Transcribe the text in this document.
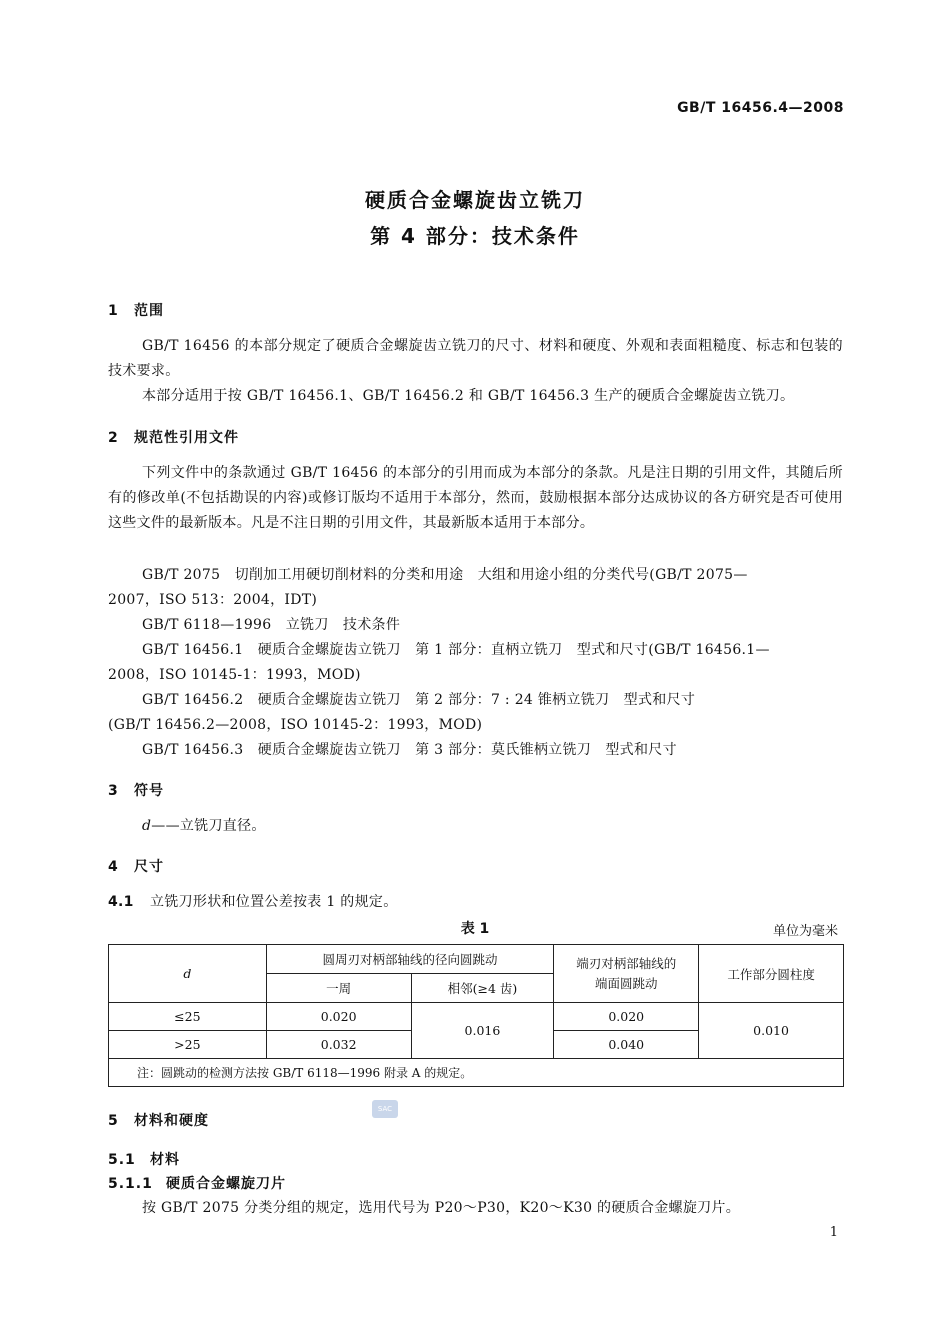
GB/T 16456.4—2008
硬质合金螺旋齿立铣刀
第 4 部分：技术条件
1 范围
GB/T 16456 的本部分规定了硬质合金螺旋齿立铣刀的尺寸、材料和硬度、外观和表面粗糙度、标志和包装的技术要求。
本部分适用于按 GB/T 16456.1、GB/T 16456.2 和 GB/T 16456.3 生产的硬质合金螺旋齿立铣刀。
2 规范性引用文件
下列文件中的条款通过 GB/T 16456 的本部分的引用而成为本部分的条款。凡是注日期的引用文件，其随后所有的修改单(不包括勘误的内容)或修订版均不适用于本部分，然而，鼓励根据本部分达成协议的各方研究是否可使用这些文件的最新版本。凡是不注日期的引用文件，其最新版本适用于本部分。
GB/T 2075　切削加工用硬切削材料的分类和用途　大组和用途小组的分类代号(GB/T 2075—
2007，ISO 513：2004，IDT)
GB/T 6118—1996　立铣刀　技术条件
GB/T 16456.1　硬质合金螺旋齿立铣刀　第 1 部分：直柄立铣刀　型式和尺寸(GB/T 16456.1—
2008，ISO 10145-1：1993，MOD)
GB/T 16456.2　硬质合金螺旋齿立铣刀　第 2 部分：7 : 24 锥柄立铣刀　型式和尺寸
(GB/T 16456.2—2008，ISO 10145-2：1993，MOD)
GB/T 16456.3　硬质合金螺旋齿立铣刀　第 3 部分：莫氏锥柄立铣刀　型式和尺寸
3 符号
d——立铣刀直径。
4 尺寸
4.1 立铣刀形状和位置公差按表 1 的规定。
表 1	单位为毫米
d	圆周刃对柄部轴线的径向圆跳动		端刃对柄部轴线的端面圆跳动	工作部分圆柱度
	一周	相邻(≥4 齿)		
≤25	0.020	0.016	0.020	0.010
>25	0.032		0.040	
注：圆跳动的检测方法按 GB/T 6118—1996 附录 A 的规定。				
SAC
5 材料和硬度
5.1 材料
5.1.1 硬质合金螺旋刀片
按 GB/T 2075 分类分组的规定，选用代号为 P20～P30，K20～K30 的硬质合金螺旋刀片。
1
